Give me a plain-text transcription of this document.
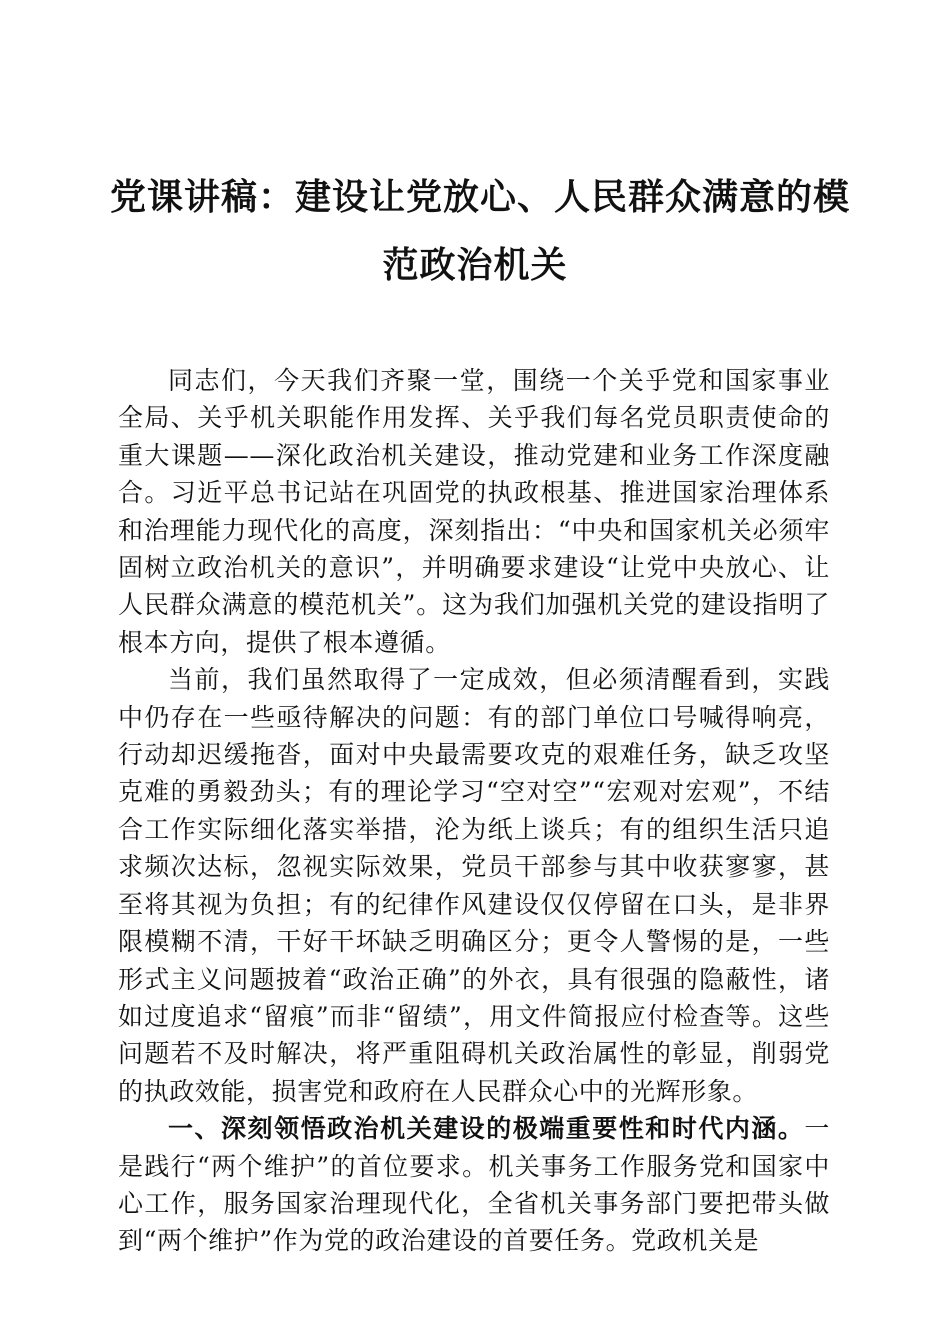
党课讲稿：建设让党放心、人民群众满意的模
范政治机关

同志们，今天我们齐聚一堂，围绕一个关乎党和国家事业全局、关乎机关职能作用发挥、关乎我们每名党员职责使命的重大课题——深化政治机关建设，推动党建和业务工作深度融合。习近平总书记站在巩固党的执政根基、推进国家治理体系和治理能力现代化的高度，深刻指出：“中央和国家机关必须牢固树立政治机关的意识”，并明确要求建设“让党中央放心、让人民群众满意的模范机关”。这为我们加强机关党的建设指明了根本方向，提供了根本遵循。

当前，我们虽然取得了一定成效，但必须清醒看到，实践中仍存在一些亟待解决的问题：有的部门单位口号喊得响亮，行动却迟缓拖沓，面对中央最需要攻克的艰难任务，缺乏攻坚克难的勇毅劲头；有的理论学习“空对空”“宏观对宏观”，不结合工作实际细化落实举措，沦为纸上谈兵；有的组织生活只追求频次达标，忽视实际效果，党员干部参与其中收获寥寥，甚至将其视为负担；有的纪律作风建设仅仅停留在口头，是非界限模糊不清，干好干坏缺乏明确区分；更令人警惕的是，一些形式主义问题披着“政治正确”的外衣，具有很强的隐蔽性，诸如过度追求“留痕”而非“留绩”，用文件简报应付检查等。这些问题若不及时解决，将严重阻碍机关政治属性的彰显，削弱党的执政效能，损害党和政府在人民群众心中的光辉形象。

一、深刻领悟政治机关建设的极端重要性和时代内涵。一是践行“两个维护”的首位要求。机关事务工作服务党和国家中心工作，服务国家治理现代化，全省机关事务部门要把带头做到“两个维护”作为党的政治建设的首要任务。党政机关是
